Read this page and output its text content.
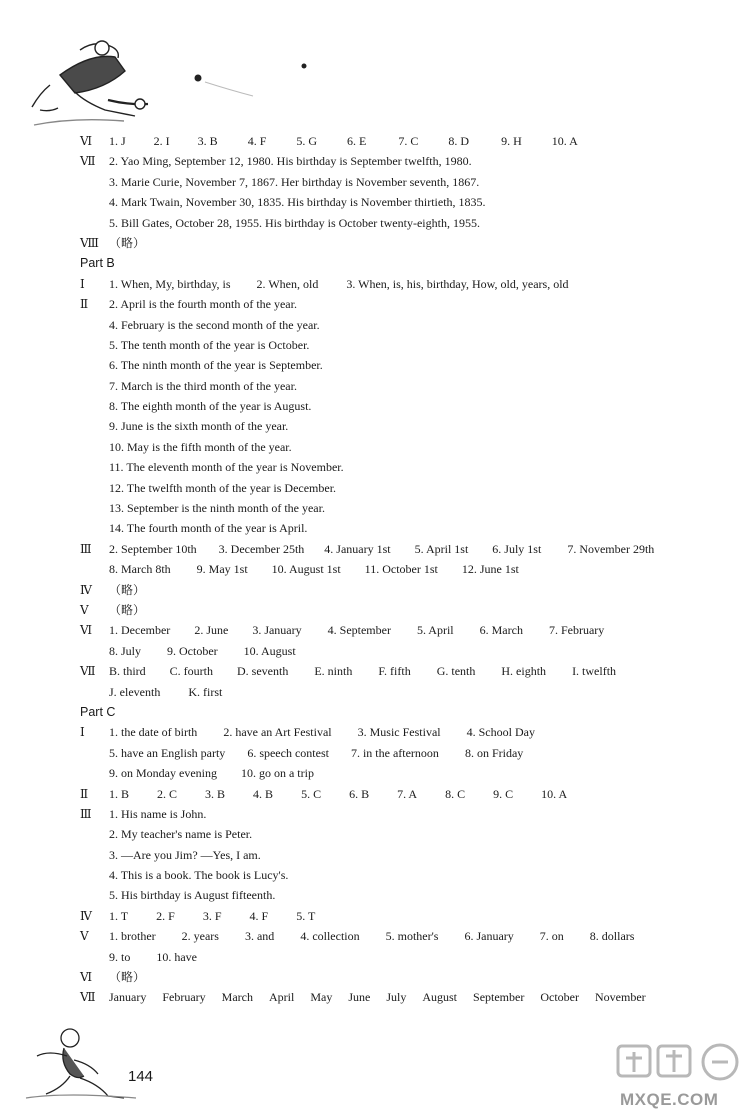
Ⅵ 1. J 2. I 3. B	4. F	5. G	6. E	7. C	8. D	9. H	10. A
Ⅶ 2. Yao Ming, September 12, 1980. His birthday is September twelfth, 1980.
3. Marie Curie, November 7, 1867. Her birthday is November seventh, 1867.
4. Mark Twain, November 30, 1835. His birthday is November thirtieth, 1835.
5. Bill Gates, October 28, 1955. His birthday is October twenty-eighth, 1955.
Ⅷ （略）
Part B
Ⅰ 1. When, My, birthday, is 2. When, old 3. When, is, his, birthday, How, old, years, old
Ⅱ 2. April is the fourth month of the year.
4. February is the second month of the year.
5. The tenth month of the year is October.
6. The ninth month of the year is September.
7. March is the third month of the year.
8. The eighth month of the year is August.
9. June is the sixth month of the year.
10. May is the fifth month of the year.
11. The eleventh month of the year is November.
12. The twelfth month of the year is December.
13. September is the ninth month of the year.
14. The fourth month of the year is April.
Ⅲ 2. September 10th 3. December 25th 4. January 1st 5. April 1st 6. July 1st 7. November 29th
8. March 8th 9. May 1st 10. August 1st 11. October 1st 12. June 1st
Ⅳ （略）
Ⅴ （略）
Ⅵ 1. December 2. June 3. January 4. September 5. April 6. March 7. February
8. July 9. October 10. August
Ⅶ B. third C. fourth D. seventh E. ninth F. fifth G. tenth H. eighth I. twelfth
J. eleventh K. first
Part C
Ⅰ 1. the date of birth 2. have an Art Festival 3. Music Festival 4. School Day
5. have an English party 6. speech contest 7. in the afternoon 8. on Friday
9. on Monday evening 10. go on a trip
Ⅱ 1. B 2. C 3. B 4. B 5. C 6. B 7. A 8. C 9. C 10. A
Ⅲ 1. His name is John.
2. My teacher's name is Peter.
3. —Are you Jim? —Yes, I am.
4. This is a book. The book is Lucy's.
5. His birthday is August fifteenth.
Ⅳ 1. T 2. F 3. F 4. F 5. T
Ⅴ 1. brother 2. years 3. and 4. collection 5. mother's 6. January 7. on 8. dollars
9. to 10. have
Ⅵ （略）
Ⅶ January February March April May June July August September October November
144
MXQE.COM
